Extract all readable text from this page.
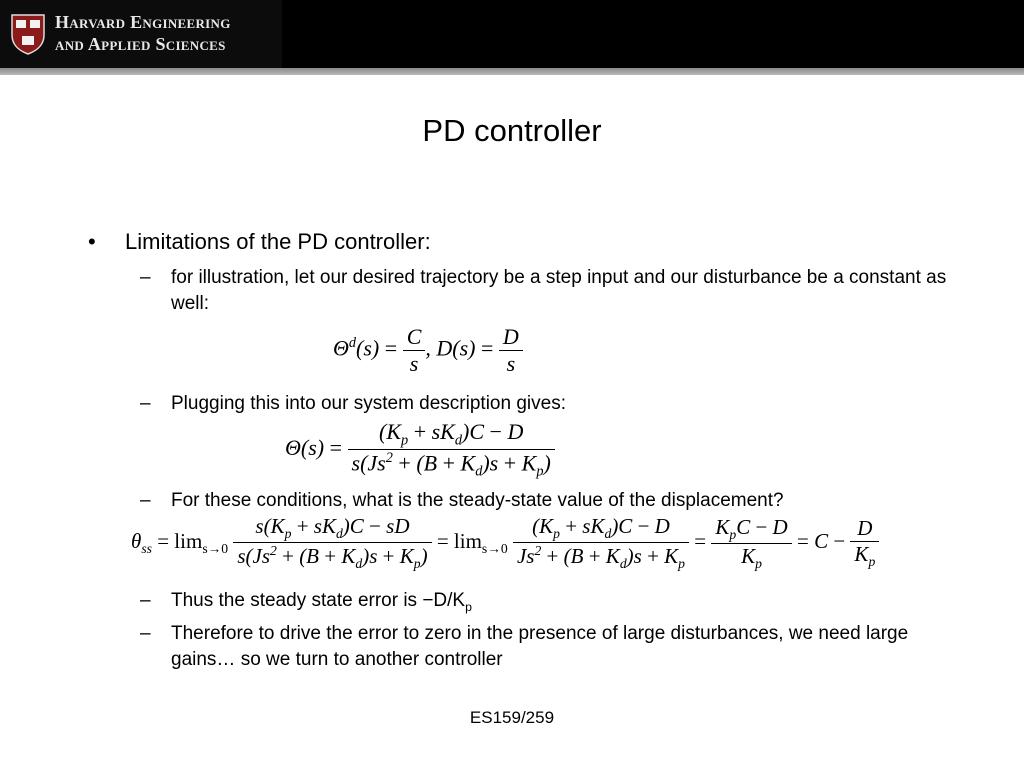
Harvard Engineering
and Applied Sciences
PD controller
• Limitations of the PD controller:
– for illustration, let our desired trajectory be a step input and our disturbance be a constant as well:
$\Theta^d(s) = \frac{C}{s}$ , $D(s) = \frac{D}{s}$
– Plugging this into our system description gives:
$\Theta(s) = \frac{(K_p + sK_d)C - D}{s(Js^2 + (B + K_d)s + K_p)}$
– For these conditions, what is the steady-state value of the displacement?
$\theta_{ss} = \lim_{s\to 0} \frac{s(K_p + sK_d)C - sD}{s(Js^2 + (B + K_d)s + K_p)} = \lim_{s\to 0} \frac{(K_p + sK_d)C - D}{Js^2 + (B + K_d)s + K_p} = \frac{K_pC - D}{K_p} = C - \frac{D}{K_p}$
– Thus the steady state error is $-D/K_p$
– Therefore to drive the error to zero in the presence of large disturbances, we need large gains… so we turn to another controller
ES159/259
